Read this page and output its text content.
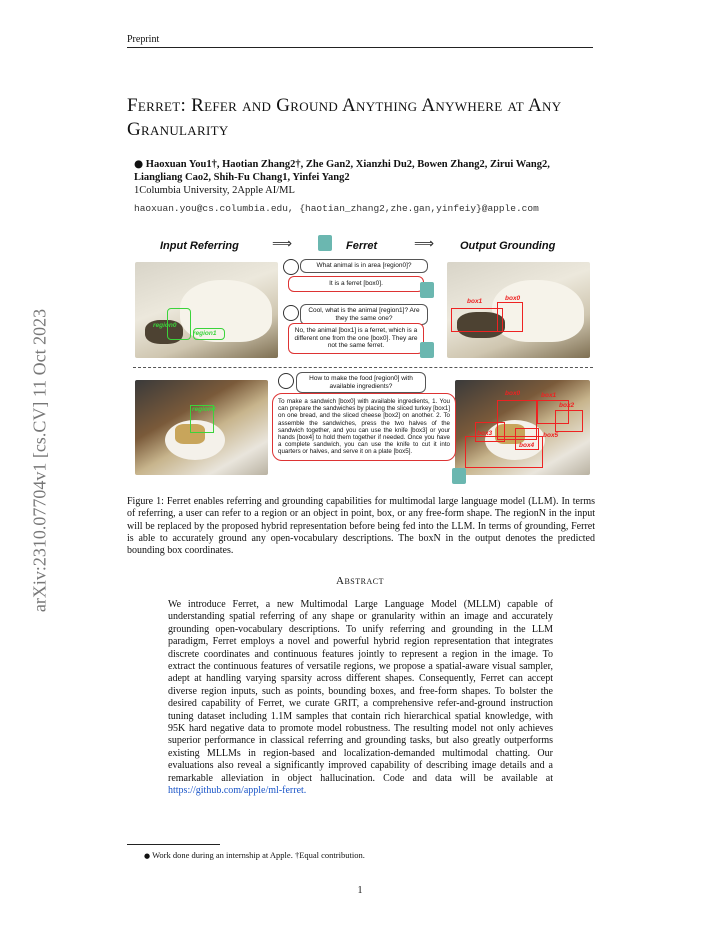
Preprint
Ferret: Refer and Ground Anything Anywhere at Any Granularity
● Haoxuan You1†, Haotian Zhang2†, Zhe Gan2, Xianzhi Du2, Bowen Zhang2, Zirui Wang2, Liangliang Cao2, Shih-Fu Chang1, Yinfei Yang2
1Columbia University, 2Apple AI/ML
haoxuan.you@cs.columbia.edu, {haotian_zhang2,zhe.gan,yinfeiy}@apple.com
arXiv:2310.07704v1 [cs.CV] 11 Oct 2023
Input Referring ⟹	Ferret	⟹ Output Grounding
region0
region1
box1	box0
What animal is in area [region0]?
It is a ferret [box0].
Cool, what is the animal [region1]? Are they the same one?
No, the animal [box1] is a ferret, which is a different one from the one [box0]. They are not the same ferret.
region0
box0	box1
box2
box3
box4
box5
How to make the food [region0] with available ingredients?
To make a sandwich [box0] with available ingredients, 1. You can prepare the sandwiches by placing the sliced turkey [box1] on one bread, and the sliced cheese [box2] on another. 2. To assemble the sandwiches, press the two halves of the sandwich together, and you can use the knife [box3] or your hands [box4] to hold them together if needed. Once you have a complete sandwich, you can use the knife to cut it into quarters or halves, and serve it on a plate [box5].
Figure 1: Ferret enables referring and grounding capabilities for multimodal large language model (LLM). In terms of referring, a user can refer to a region or an object in point, box, or any free-form shape. The regionN in the input will be replaced by the proposed hybrid representation before being fed into the LLM. In terms of grounding, Ferret is able to accurately ground any open-vocabulary descriptions. The boxN in the output denotes the predicted bounding box coordinates.
Abstract
We introduce Ferret, a new Multimodal Large Language Model (MLLM) capable of understanding spatial referring of any shape or granularity within an image and accurately grounding open-vocabulary descriptions. To unify referring and grounding in the LLM paradigm, Ferret employs a novel and powerful hybrid region representation that integrates discrete coordinates and continuous features jointly to represent a region in the image. To extract the continuous features of versatile regions, we propose a spatial-aware visual sampler, adept at handling varying sparsity across different shapes. Consequently, Ferret can accept diverse region inputs, such as points, bounding boxes, and free-form shapes. To bolster the desired capability of Ferret, we curate GRIT, a comprehensive refer-and-ground instruction tuning dataset including 1.1M samples that contain rich hierarchical spatial knowledge, with 95K hard negative data to promote model robustness. The resulting model not only achieves superior performance in classical referring and grounding tasks, but also greatly outperforms existing MLLMs in region-based and localization-demanded multimodal chatting. Our evaluations also reveal a significantly improved capability of describing image details and a remarkable alleviation in object hallucination. Code and data will be available at https://github.com/apple/ml-ferret.
● Work done during an internship at Apple. †Equal contribution.
1
